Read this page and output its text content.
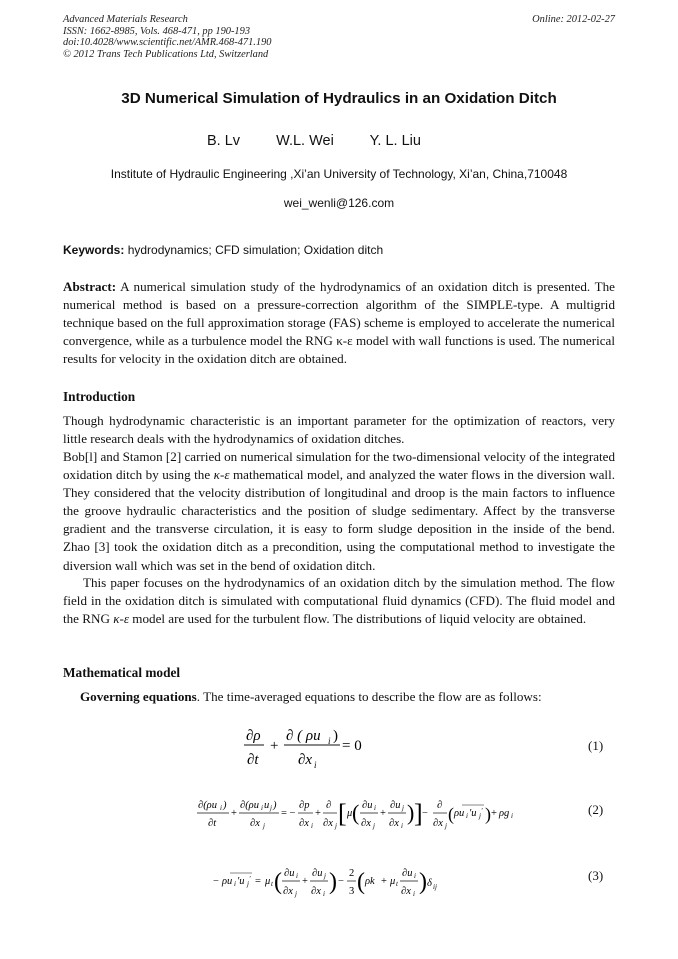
Advanced Materials Research
ISSN: 1662-8985, Vols. 468-471, pp 190-193
doi:10.4028/www.scientific.net/AMR.468-471.190
© 2012 Trans Tech Publications Ltd, Switzerland
Online: 2012-02-27
3D Numerical Simulation of Hydraulics in an Oxidation Ditch
B. Lv W.L. Wei Y. L. Liu
Institute of Hydraulic Engineering ,Xi’an University of Technology, Xi’an, China,710048
wei_wenli@126.com
Keywords: hydrodynamics; CFD simulation; Oxidation ditch

Abstract: A numerical simulation study of the hydrodynamics of an oxidation ditch is presented. The numerical method is based on a pressure-correction algorithm of the SIMPLE-type. A multigrid technique based on the full approximation storage (FAS) scheme is employed to accelerate the numerical convergence, while as a turbulence model the RNG κ-ε model with wall functions is used. The numerical results for velocity in the oxidation ditch are obtained.

Introduction

Though hydrodynamic characteristic is an important parameter for the optimization of reactors, very little research deals with the hydrodynamics of oxidation ditches.

Bob[l] and Stamon [2] carried on numerical simulation for the two-dimensional velocity of the integrated oxidation ditch by using the κ-ε mathematical model, and analyzed the water flows in the diversion wall. They considered that the velocity distribution of longitudinal and droop is the main factors to influence the groove hydraulic characteristics and the position of sludge sedimentary. Affect by the transverse gradient and the transverse circulation, it is easy to form sludge deposition in the inside of the bend. Zhao [3] took the oxidation ditch as a precondition, using the computational method to investigate the diversion wall which was set in the bend of oxidation ditch.

This paper focuses on the hydrodynamics of an oxidation ditch by the simulation method. The flow field in the oxidation ditch is simulated with computational fluid dynamics (CFD). The fluid model and the RNG κ-ε model are used for the turbulent flow. The distributions of liquid velocity are obtained.

Mathematical model
Governing equations. The time-averaged equations to describe the flow are as follows:
∂ρ
∂t
+
∂ ( ρu i )
∂x i
= 0
∂(ρu i )
∂t
+
∂(ρu i u j )
∂x j
= −
∂p
∂x i
+
∂
∂x j [ μ ( ∂u i
∂x j
+
∂u j
∂x i
) ] −
∂
∂x j
( ρu i ′u j
′ ) + ρg i
− ρu i ′u j
′ = μ t ( ∂u i
∂x j
+
∂u j
∂x i ) −
2
3 ( ρk + μ t
∂u i
∂x i ) δ ij
(1)
(2)
(3)
